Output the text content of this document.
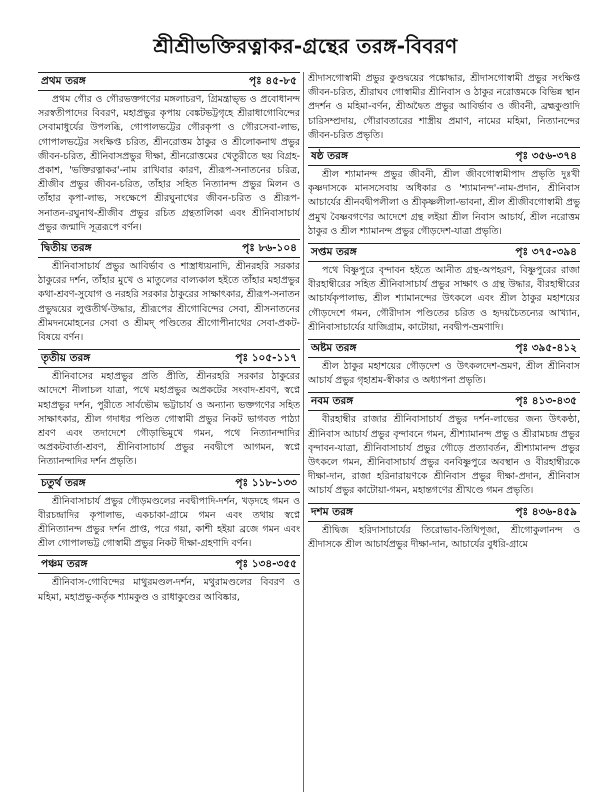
শ্রীশ্রীভক্তিরত্নাকর-গ্রন্থের তরঙ্গ-বিবরণ
প্রথম তরঙ্গ	পৃঃ ৪৫-৮৫

প্রথম গৌর ও গৌরভক্তগণের মঙ্গলাচরণ, গ্রিমন্ত্রাভ্ভ ও প্রবোধানন্দ সরস্বতীপাদের বিবরণ, মহাপ্রভুর কৃপায় বেঙ্কটভট্টগৃহে শ্রীরাধাগোবিন্দের সেবামাধুর্যের উপলব্ধি, গোপালভট্টের গৌরকৃপা ও গৌরসেবা-লাভ, গোপালভট্টের সংক্ষিপ্ত চরিত, শ্রীনরোত্তম ঠাকুর ও শ্রীলোকনাথ প্রভুর জীবন-চরিত, শ্রীনিবাসপ্রভুর দীক্ষা, শ্রীনরোত্তমের খেতুরীতে ছয় বিগ্রহ-প্রকাশ, 'ভক্তিরত্নাকর'-নাম রাখিবার কারণ, শ্রীরূপ-সনাতনের চরিত্র, শ্রীজীব প্রভুর জীবন-চরিত, তাঁহার সহিত নিত্যানন্দ প্রভুর মিলন ও তাঁহার কৃপা-লাভ, সংক্ষেপে শ্রীরঘুনাথের জীবন-চরিত ও শ্রীরূপ-সনাতন-রঘুনাথ-শ্রীজীব প্রভুর রচিত গ্রন্থতালিকা এবং শ্রীনিবাসাচার্য প্রভুর জন্মাদি সূত্ররূপে বর্ণন।

দ্বিতীয় তরঙ্গ	পৃঃ ৮৬-১০৪

শ্রীনিবাসাচার্য প্রভুর আবির্ভাব ও শাস্ত্রাধ্যয়নাদি, শ্রীনরহরি সরকার ঠাকুরের দর্শন, তাঁহার মুখে ও মাতুলের বাল্যকাল হইতে তাঁহার মহাপ্রভুর কথা-শ্রবণ-সুযোগ ও নরহরি সরকার ঠাকুরের সাক্ষাৎকার, শ্রীরূপ-সনাতন প্রভুদ্বয়ের লুপ্ততীর্থ-উদ্ধার, শ্রীরূপের শ্রীগোবিন্দের সেবা, শ্রীসনাতনের শ্রীমদনমোহনের সেবা ও শ্রীমদ্ পণ্ডিতের শ্রীগোপীনাথের সেবা-প্রকট-বিষয়ে বর্ণন।

তৃতীয় তরঙ্গ	পৃঃ ১০৫-১১৭

শ্রীনিবাসের মহাপ্রভুর প্রতি প্রীতি, শ্রীনরহরি সরকার ঠাকুরের আদেশে নীলাচল যাত্রা, পথে মহাপ্রভুর অপ্রকটের সংবাদ-শ্রবণ, স্বপ্নে মহাপ্রভুর দর্শন, পুরীতে সার্বভৌম ভট্টাচার্য ও অন্যান্য ভক্তগণের সহিত সাক্ষাৎকার, শ্রীল গদাধর পণ্ডিত গোস্বামী প্রভুর নিকট ভাগবত পাঠ্যা শ্রবণ এবং তদাদেশে গৌড়াভিমুখে গমন, পথে নিত্যানন্দাদির অপ্রকটবার্তা-শ্রবণ, শ্রীনিবাসাচার্য প্রভুর নবদ্বীপে আগমন, স্বপ্নে নিত্যানন্দাদির দর্শন প্রভৃতি।

চতুর্থ তরঙ্গ	পৃঃ ১১৮-১৩৩

শ্রীনিবাসাচার্য প্রভুর গৌড়মণ্ডলের নবদ্বীপাদি-দর্শন, খড়দহে গমন ও বীরচন্দ্রাদির কৃপালাভ, একচাকা-গ্রামে গমন এবং তথায় স্বপ্নে শ্রীনিত্যানন্দ প্রভুর দর্শন প্রাপ্ত, পরে গয়া, কাশী হইয়া ব্রজে গমন এবং শ্রীল গোপালভট্ট গোস্বামী প্রভুর নিকট দীক্ষা-গ্রহণাদি বর্ণন।

পঞ্চম তরঙ্গ	পৃঃ ১৩৪-৩৫৫

শ্রীনিবাস-গোবিন্দের মাথুরমণ্ডল-দর্শন, মথুরামণ্ডলের বিবরণ ও মহিমা, মহাপ্রভু-কর্তৃক শ্যামকুণ্ড ও রাধাকুণ্ডের আবিষ্কার,

শ্রীদাসগোস্বামী প্রভুর কুণ্ডদ্বয়ের পঙ্কোদ্ধার, শ্রীদাসগোস্বামী প্রভুর সংক্ষিপ্ত জীবন-চরিত, শ্রীরাঘব গোস্বামীর শ্রীনিবাস ও ঠাকুর নরোত্তমকে বিভিন্ন স্থান প্রদর্শন ও মহিমা-বর্ণন, শ্রীঅদ্বৈত প্রভুর আবির্ভাব ও জীবনী, ব্রহ্মকুণ্ডাদি চারিসম্প্রদায়, গৌরাবতারের শাস্ত্রীয় প্রমাণ, নামের মহিমা, নিত্যানন্দের জীবন-চরিত প্রভৃতি।

ষষ্ঠ তরঙ্গ	পৃঃ ৩৫৬-৩৭৪

শ্রীল শ্যামানন্দ প্রভুর জীবনী, শ্রীল জীবগোস্বামীপাদ প্রভৃতি দুঃখী কৃষ্ণদাসকে মানসসেবায় অধিকার ও 'শ্যামানন্দ'-নাম-প্রদান, শ্রীনিবাস আচার্যের শ্রীনবদ্বীপলীলা ও শ্রীকৃষ্ণলীলা-ভাবনা, শ্রীল শ্রীজীবগোস্বামী প্রভু প্রমুখ বৈষ্ণবগণের আদেশে গ্রন্থ লইয়া শ্রীল নিবাস আচার্য, শ্রীল নরোত্তম ঠাকুর ও শ্রীল শ্যামানন্দ প্রভুর গৌড়দেশ-যাত্রা প্রভৃতি।

সপ্তম তরঙ্গ	পৃঃ ৩৭৫-৩৯৪

পথে বিষ্ণুপুরে বৃন্দাবন হইতে আনীত গ্রন্থ-অপহরণ, বিষ্ণুপুরের রাজা বীরহাম্বীরের সহিত শ্রীনিবাসাচার্য প্রভুর সাক্ষাৎ ও গ্রন্থ উদ্ধার, বীরহাম্বীরের আচার্যকৃপালাভ, শ্রীল শ্যামানন্দের উৎকলে এবং শ্রীল ঠাকুর মহাশয়ের গৌড়দেশে গমন, গৌরীদাস পণ্ডিতের চরিত ও হৃদয়চৈতন্যের আখ্যান, শ্রীনিবাসাচার্যের যাজিগ্রাম, কাটোয়া, নবদ্বীপ-ভ্রমণাদি।

অষ্টম তরঙ্গ	পৃঃ ৩৯৫-৪১২

শ্রীল ঠাকুর মহাশয়ের গৌড়দেশ ও উৎকলদেশ-ভ্রমণ, শ্রীল শ্রীনিবাস আচার্য প্রভুর গৃহাশ্রম-স্বীকার ও অধ্যাপনা প্রভৃতি।

নবম তরঙ্গ	পৃঃ ৪১৩-৪৩৫

বীরহাম্বীর রাজার শ্রীনিবাসাচার্য প্রভুর দর্শন-লাভের জন্য উৎকণ্ঠা, শ্রীনিবাস আচার্য প্রভুর বৃন্দাবনে গমন, শ্রীশ্যামানন্দ প্রভু ও শ্রীরামচন্দ্র প্রভুর বৃন্দাবন-যাত্রা, শ্রীনিবাসাচার্য প্রভুর গৌড়ে প্রত্যাবর্তন, শ্রীশ্যামানন্দ প্রভুর উৎকলে গমন, শ্রীনিবাসাচার্য প্রভুর বনবিষ্ণুপুরে অবস্থান ও বীরহাম্বীরকে দীক্ষা-দান, রাজা হরিনারায়ণকে শ্রীনিবাস প্রভুর দীক্ষা-প্রদান, শ্রীনিবাস আচার্য প্রভুর কাটোয়া-গমন, মহান্তগণের শ্রীখণ্ডে গমন প্রভৃতি।

দশম তরঙ্গ	পৃঃ ৪৩৬-৪৫৯

শ্রীদ্বিজ হরিদাসাচার্যের তিরোভাব-তিথিপূজা, শ্রীগোকুলানন্দ ও শ্রীদাসকে শ্রীল আচার্যপ্রভুর দীক্ষা-দান, আচার্যের বুধরি-গ্রামে
